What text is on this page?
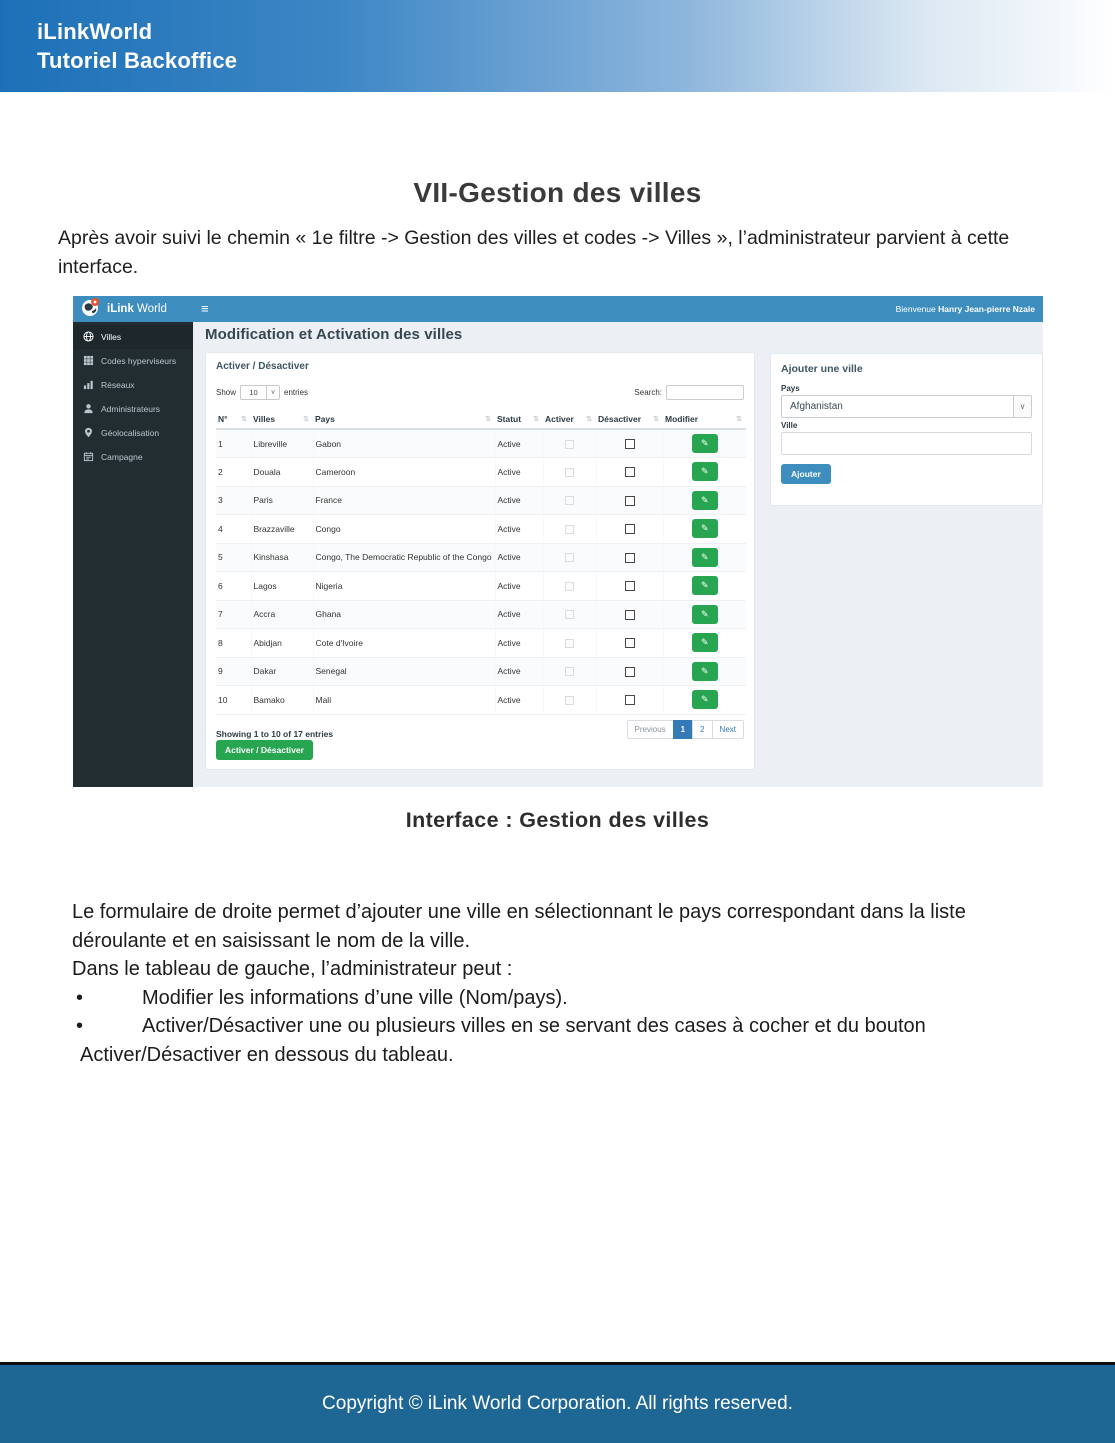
iLinkWorld
Tutoriel Backoffice
VII-Gestion des villes

Après avoir suivi le chemin « 1e filtre -> Gestion des villes et codes -> Villes », l’administrateur parvient à cette interface.

iLink World	≡	Bienvenue Hanry Jean-pierre Nzale
Villes
Codes hyperviseurs
Réseaux
Administrateurs
Géolocalisation
Campagne
Modification et Activation des villes
Activer / Désactiver
Show	10	∨	entries	Search:
N° ⇅	Villes ⇅	Pays ⇅	Statut ⇅	Activer ⇅	Désactiver ⇅	Modifier ⇅

1	Libreville	Gabon	Active			✎

2	Douala	Cameroon	Active			✎

3	Paris	France	Active			✎

4	Brazzaville	Congo	Active			✎

5	Kinshasa	Congo, The Democratic Republic of the Congo	Active			✎

6	Lagos	Nigeria	Active			✎

7	Accra	Ghana	Active			✎

8	Abidjan	Cote d'Ivoire	Active			✎

9	Dakar	Senegal	Active			✎

10	Bamako	Mali	Active			✎
Showing 1 to 10 of 17 entries	Previous	1	2	Next
Activer / Désactiver
Ajouter une ville
Pays
Afghanistan	∨
Ville
Ajouter
Interface : Gestion des villes
Le formulaire de droite permet d’ajouter une ville en sélectionnant le pays correspondant dans la liste déroulante et en saisissant le nom de la ville.
Dans le tableau de gauche, l’administrateur peut :
•	Modifier les informations d’une ville (Nom/pays).
•	Activer/Désactiver une ou plusieurs villes en se servant des cases à cocher et du bouton
Activer/Désactiver en dessous du tableau.
Copyright © iLink World Corporation. All rights reserved.
